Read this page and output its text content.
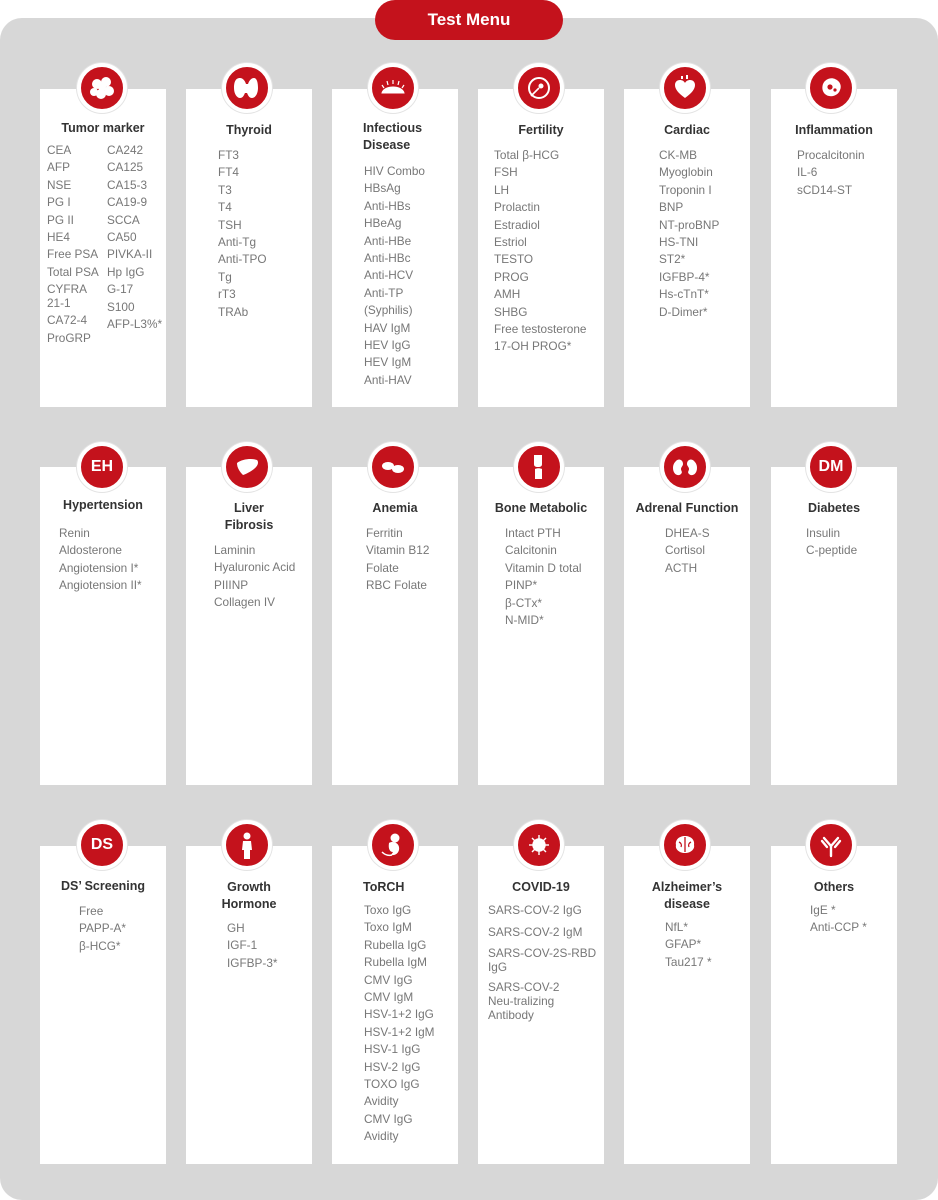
Test Menu
Tumor marker
CEA
AFP
NSE
PG I
PG II
HE4
Free PSA
Total PSA
CYFRA 21-1
CA72-4
ProGRP
CA242
CA125
CA15-3
CA19-9
SCCA
CA50
PIVKA-II
Hp IgG
G-17
S100
AFP-L3%*
Thyroid
FT3
FT4
T3
T4
TSH
Anti-Tg
Anti-TPO
Tg
rT3
TRAb
Infectious Disease
HIV Combo
HBsAg
Anti-HBs
HBeAg
Anti-HBe
Anti-HBc
Anti-HCV
Anti-TP
(Syphilis)
HAV IgM
HEV IgG
HEV IgM
Anti-HAV
Fertility
Total β-HCG
FSH
LH
Prolactin
Estradiol
Estriol
TESTO
PROG
AMH
SHBG
Free testosterone
17-OH PROG*
Cardiac
CK-MB
Myoglobin
Troponin I
BNP
NT-proBNP
HS-TNI
ST2*
IGFBP-4*
Hs-cTnT*
D-Dimer*
Inflammation
Procalcitonin
IL-6
sCD14-ST
Hypertension
Renin
Aldosterone
Angiotension I*
Angiotension II*
EH
Liver Fibrosis
Laminin
Hyaluronic Acid
PIIINP
Collagen IV
Anemia
Ferritin
Vitamin B12
Folate
RBC Folate
Bone Metabolic
Intact PTH
Calcitonin
Vitamin D total
PINP*
β-CTx*
N-MID*
Adrenal Function
DHEA-S
Cortisol
ACTH
Diabetes
Insulin
C-peptide
DM
DS’ Screening
Free
PAPP-A*
β-HCG*
DS
Growth Hormone
GH
IGF-1
IGFBP-3*
ToRCH
Toxo IgG
Toxo IgM
Rubella IgG
Rubella IgM
CMV IgG
CMV IgM
HSV-1+2 IgG
HSV-1+2 IgM
HSV-1 IgG
HSV-2 IgG
TOXO IgG
Avidity
CMV IgG
Avidity
COVID-19
SARS-COV-2 IgG
SARS-COV-2 IgM
SARS-COV-2S-RBD IgG
SARS-COV-2 Neu-tralizing Antibody
Alzheimer’s disease
NfL*
GFAP*
Tau217 *
Others
IgE *
Anti-CCP *
